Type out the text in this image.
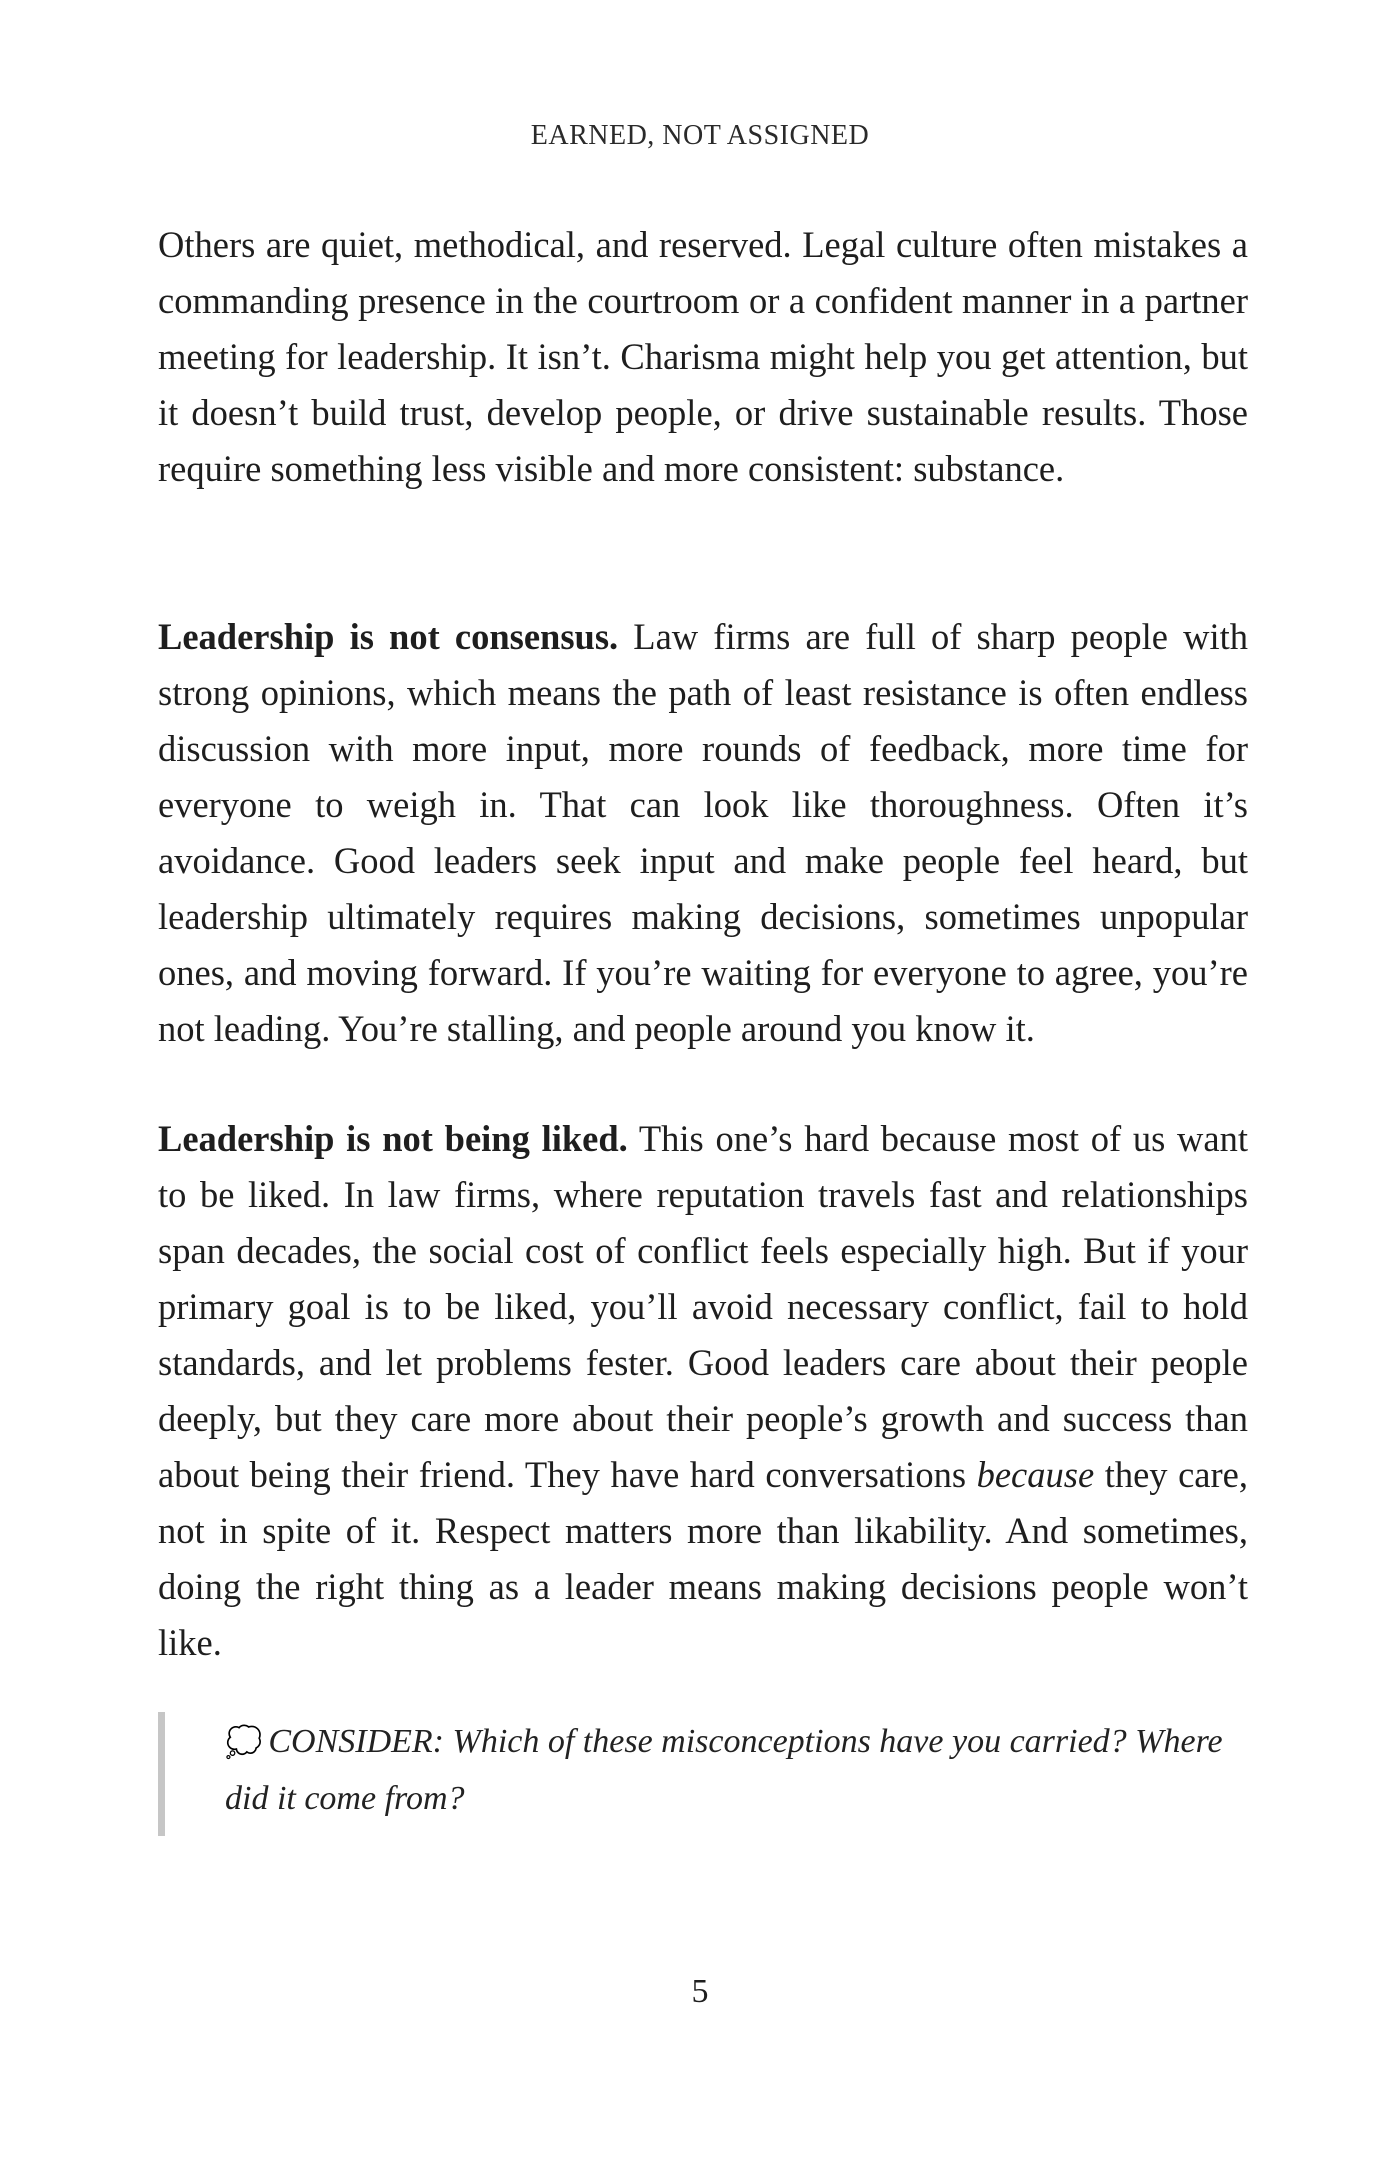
EARNED, NOT ASSIGNED

Others are quiet, methodical, and reserved. Legal culture often mistakes a commanding presence in the courtroom or a confident manner in a partner meeting for leadership. It isn’t. Charisma might help you get attention, but it doesn’t build trust, develop people, or drive sustainable results. Those require something less visible and more consistent: substance.

Leadership is not consensus. Law firms are full of sharp people with strong opinions, which means the path of least resistance is often endless discussion with more input, more rounds of feedback, more time for everyone to weigh in. That can look like thoroughness. Often it’s avoidance. Good leaders seek input and make people feel heard, but leadership ultimately requires making decisions, sometimes unpopular ones, and moving forward. If you’re waiting for everyone to agree, you’re not leading. You’re stalling, and people around you know it.

Leadership is not being liked. This one’s hard because most of us want to be liked. In law firms, where reputation travels fast and relationships span decades, the social cost of conflict feels especially high. But if your primary goal is to be liked, you’ll avoid necessary conflict, fail to hold standards, and let problems fester. Good leaders care about their people deeply, but they care more about their people’s growth and success than about being their friend. They have hard conversations because they care, not in spite of it. Respect matters more than likability. And sometimes, doing the right thing as a leader means making decisions people won’t like.

💭 CONSIDER: Which of these misconceptions have you carried? Where did it come from?
5
